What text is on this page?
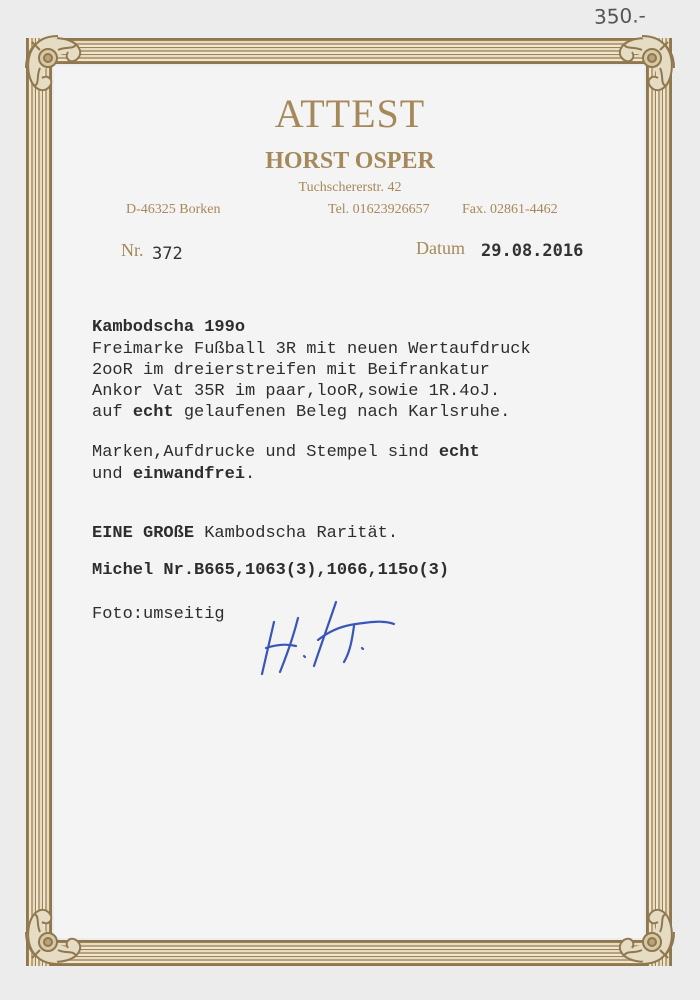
350.-
ATTEST
HORST OSPER
Tuchschererstr. 42
D-46325 Borken	Tel. 01623926657 Fax. 02861-4462
Nr. 372	Datum 29.08.2016
Kambodscha 199o
Freimarke Fußball 3R mit neuen Wertaufdruck
2ooR im dreierstreifen mit Beifrankatur
Ankor Vat 35R im paar,looR,sowie 1R.4oJ.
auf echt gelaufenen Beleg nach Karlsruhe.
Marken,Aufdrucke und Stempel sind echt
und einwandfrei.
EINE GROßE Kambodscha Rarität.
Michel Nr.B665,1063(3),1066,115o(3)
Foto:umseitig
